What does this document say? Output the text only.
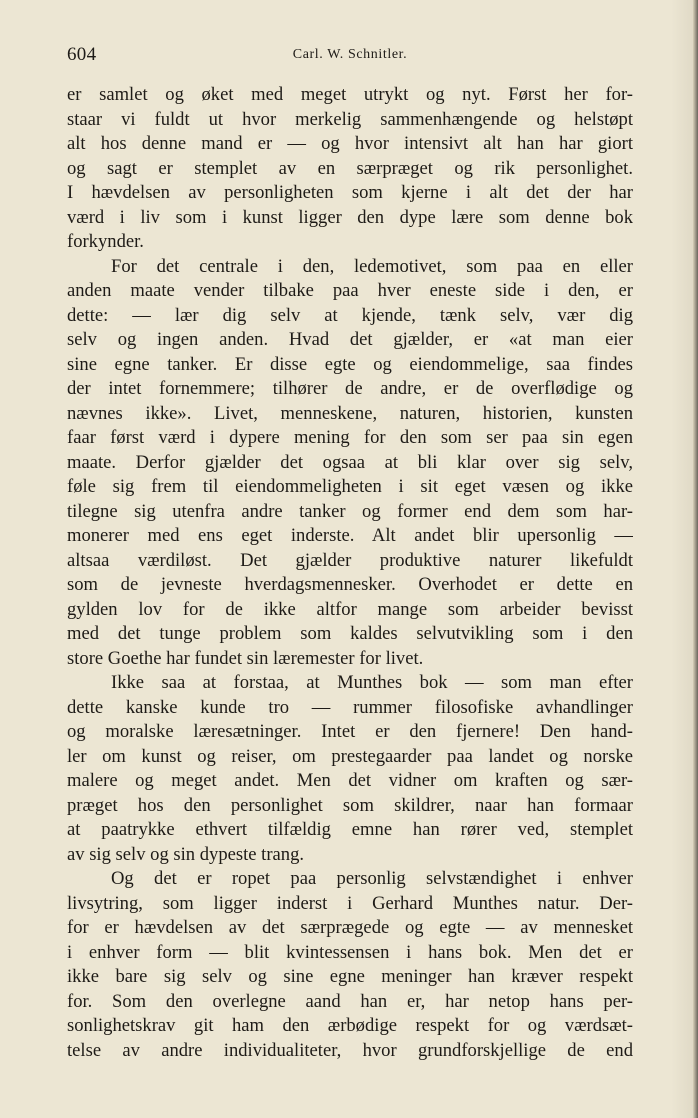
604	Carl. W. Schnitler.
er samlet og øket med meget utrykt og nyt. Først her for-
staar vi fuldt ut hvor merkelig sammenhængende og helstøpt
alt hos denne mand er — og hvor intensivt alt han har giort
og sagt er stemplet av en særpræget og rik personlighet.
I hævdelsen av personligheten som kjerne i alt det der har
værd i liv som i kunst ligger den dype lære som denne bok
forkynder.
For det centrale i den, ledemotivet, som paa en eller
anden maate vender tilbake paa hver eneste side i den, er
dette: — lær dig selv at kjende, tænk selv, vær dig
selv og ingen anden. Hvad det gjælder, er «at man eier
sine egne tanker. Er disse egte og eiendommelige, saa findes
der intet fornemmere; tilhører de andre, er de overflødige og
nævnes ikke». Livet, menneskene, naturen, historien, kunsten
faar først værd i dypere mening for den som ser paa sin egen
maate. Derfor gjælder det ogsaa at bli klar over sig selv,
føle sig frem til eiendommeligheten i sit eget væsen og ikke
tilegne sig utenfra andre tanker og former end dem som har-
monerer med ens eget inderste. Alt andet blir upersonlig —
altsaa værdiløst. Det gjælder produktive naturer likefuldt
som de jevneste hverdagsmennesker. Overhodet er dette en
gylden lov for de ikke altfor mange som arbeider bevisst
med det tunge problem som kaldes selvutvikling som i den
store Goethe har fundet sin læremester for livet.
Ikke saa at forstaa, at Munthes bok — som man efter
dette kanske kunde tro — rummer filosofiske avhandlinger
og moralske læresætninger. Intet er den fjernere! Den hand-
ler om kunst og reiser, om prestegaarder paa landet og norske
malere og meget andet. Men det vidner om kraften og sær-
præget hos den personlighet som skildrer, naar han formaar
at paatrykke ethvert tilfældig emne han rører ved, stemplet
av sig selv og sin dypeste trang.
Og det er ropet paa personlig selvstændighet i enhver
livsytring, som ligger inderst i Gerhard Munthes natur. Der-
for er hævdelsen av det særprægede og egte — av mennesket
i enhver form — blit kvintessensen i hans bok. Men det er
ikke bare sig selv og sine egne meninger han kræver respekt
for. Som den overlegne aand han er, har netop hans per-
sonlighetskrav git ham den ærbødige respekt for og værdsæt-
telse av andre individualiteter, hvor grundforskjellige de end
